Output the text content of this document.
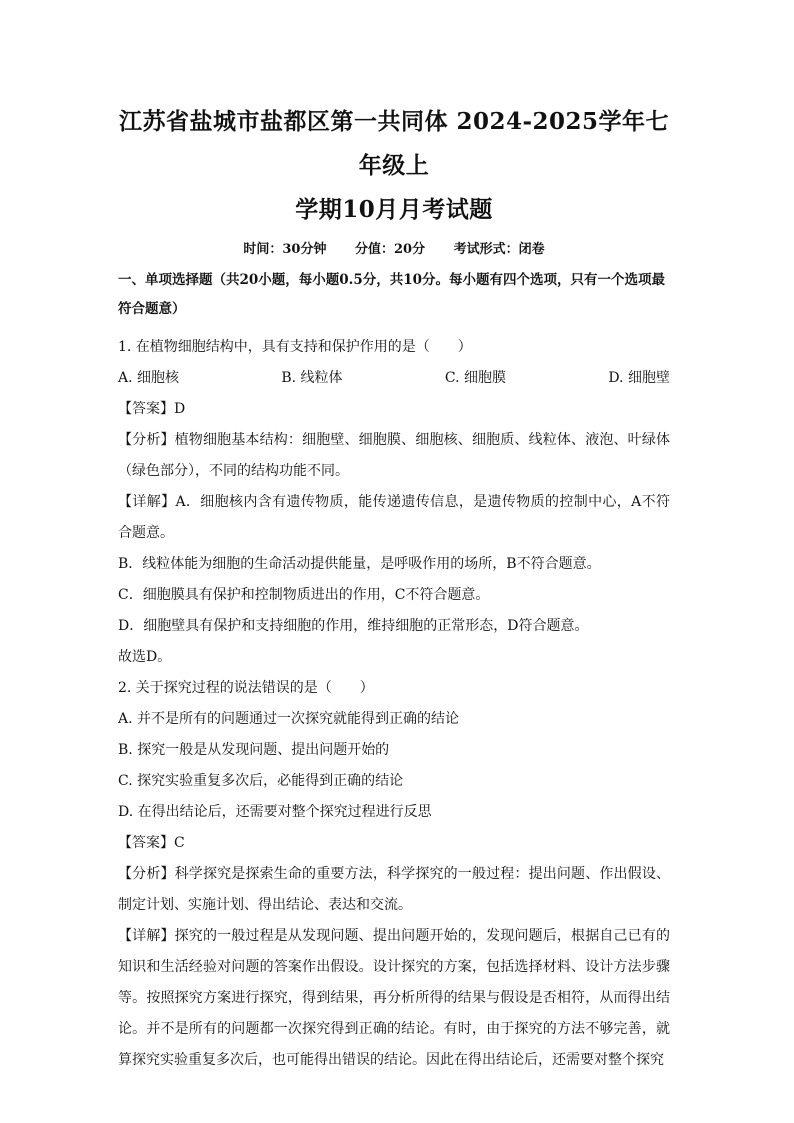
江苏省盐城市盐都区第一共同体 2024-2025学年七年级上
学期10月月考试题
时间：30分钟 分值：20分 考试形式：闭卷
一、单项选择题（共20小题，每小题0.5分，共10分。每小题有四个选项，只有一个选项最符合题意）
1. 在植物细胞结构中，具有支持和保护作用的是（　　）
A. 细胞核	B. 线粒体	C. 细胞膜	D. 细胞壁
【答案】D
【分析】植物细胞基本结构：细胞壁、细胞膜、细胞核、细胞质、线粒体、液泡、叶绿体（绿色部分），不同的结构功能不同。
【详解】A．细胞核内含有遗传物质，能传递遗传信息，是遗传物质的控制中心，A不符合题意。
B．线粒体能为细胞的生命活动提供能量，是呼吸作用的场所，B不符合题意。
C．细胞膜具有保护和控制物质进出的作用，C不符合题意。
D．细胞壁具有保护和支持细胞的作用，维持细胞的正常形态，D符合题意。
故选D。
2. 关于探究过程的说法错误的是（　　）
A. 并不是所有的问题通过一次探究就能得到正确的结论
B. 探究一般是从发现问题、提出问题开始的
C. 探究实验重复多次后，必能得到正确的结论
D. 在得出结论后，还需要对整个探究过程进行反思
【答案】C
【分析】科学探究是探索生命的重要方法，科学探究的一般过程：提出问题、作出假设、制定计划、实施计划、得出结论、表达和交流。
【详解】探究的一般过程是从发现问题、提出问题开始的，发现问题后，根据自己已有的知识和生活经验对问题的答案作出假设。设计探究的方案，包括选择材料、设计方法步骤等。按照探究方案进行探究，得到结果，再分析所得的结果与假设是否相符，从而得出结论。并不是所有的问题都一次探究得到正确的结论。有时，由于探究的方法不够完善，就算探究实验重复多次后，也可能得出错误的结论。因此在得出结论后，还需要对整个探究
